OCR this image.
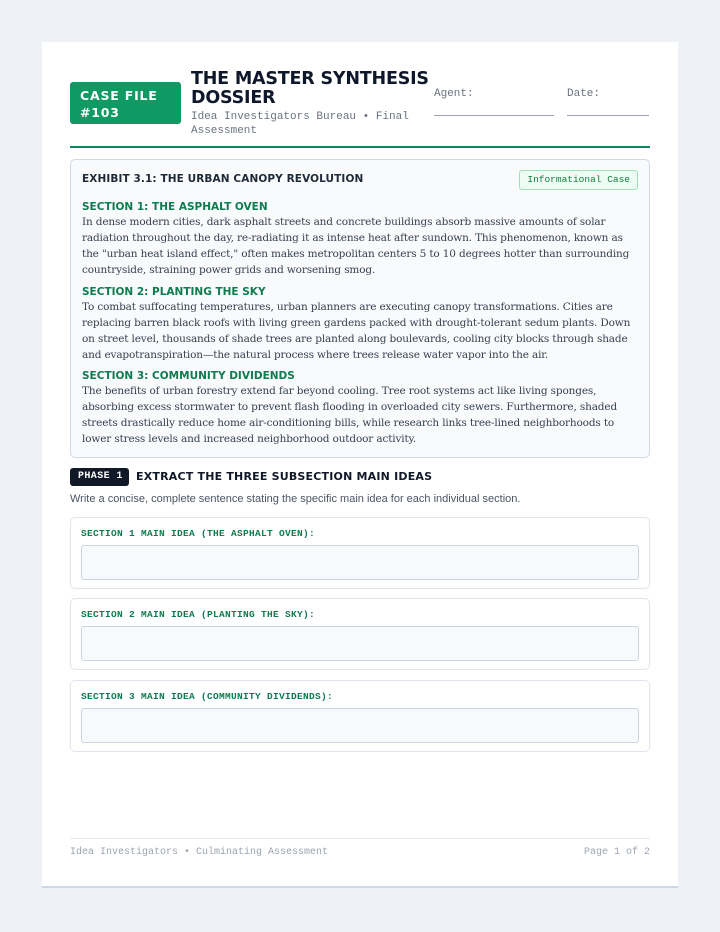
CASE FILE
#103
THE MASTER SYNTHESIS DOSSIER
Idea Investigators Bureau • Final Assessment
Agent:	Date:
EXHIBIT 3.1: THE URBAN CANOPY REVOLUTION	Informational Case
SECTION 1: THE ASPHALT OVEN

In dense modern cities, dark asphalt streets and concrete buildings absorb massive amounts of solar radiation throughout the day, re-radiating it as intense heat after sundown. This phenomenon, known as the "urban heat island effect," often makes metropolitan centers 5 to 10 degrees hotter than surrounding countryside, straining power grids and worsening smog.

SECTION 2: PLANTING THE SKY

To combat suffocating temperatures, urban planners are executing canopy transformations. Cities are replacing barren black roofs with living green gardens packed with drought-tolerant sedum plants. Down on street level, thousands of shade trees are planted along boulevards, cooling city blocks through shade and evapotranspiration—the natural process where trees release water vapor into the air.

SECTION 3: COMMUNITY DIVIDENDS

The benefits of urban forestry extend far beyond cooling. Tree root systems act like living sponges, absorbing excess stormwater to prevent flash flooding in overloaded city sewers. Furthermore, shaded streets drastically reduce home air-conditioning bills, while research links tree-lined neighborhoods to lower stress levels and increased neighborhood outdoor activity.

PHASE 1	EXTRACT THE THREE SUBSECTION MAIN IDEAS
Write a concise, complete sentence stating the specific main idea for each individual section.
SECTION 1 MAIN IDEA (THE ASPHALT OVEN):
SECTION 2 MAIN IDEA (PLANTING THE SKY):
SECTION 3 MAIN IDEA (COMMUNITY DIVIDENDS):
Idea Investigators • Culminating Assessment	Page 1 of 2
